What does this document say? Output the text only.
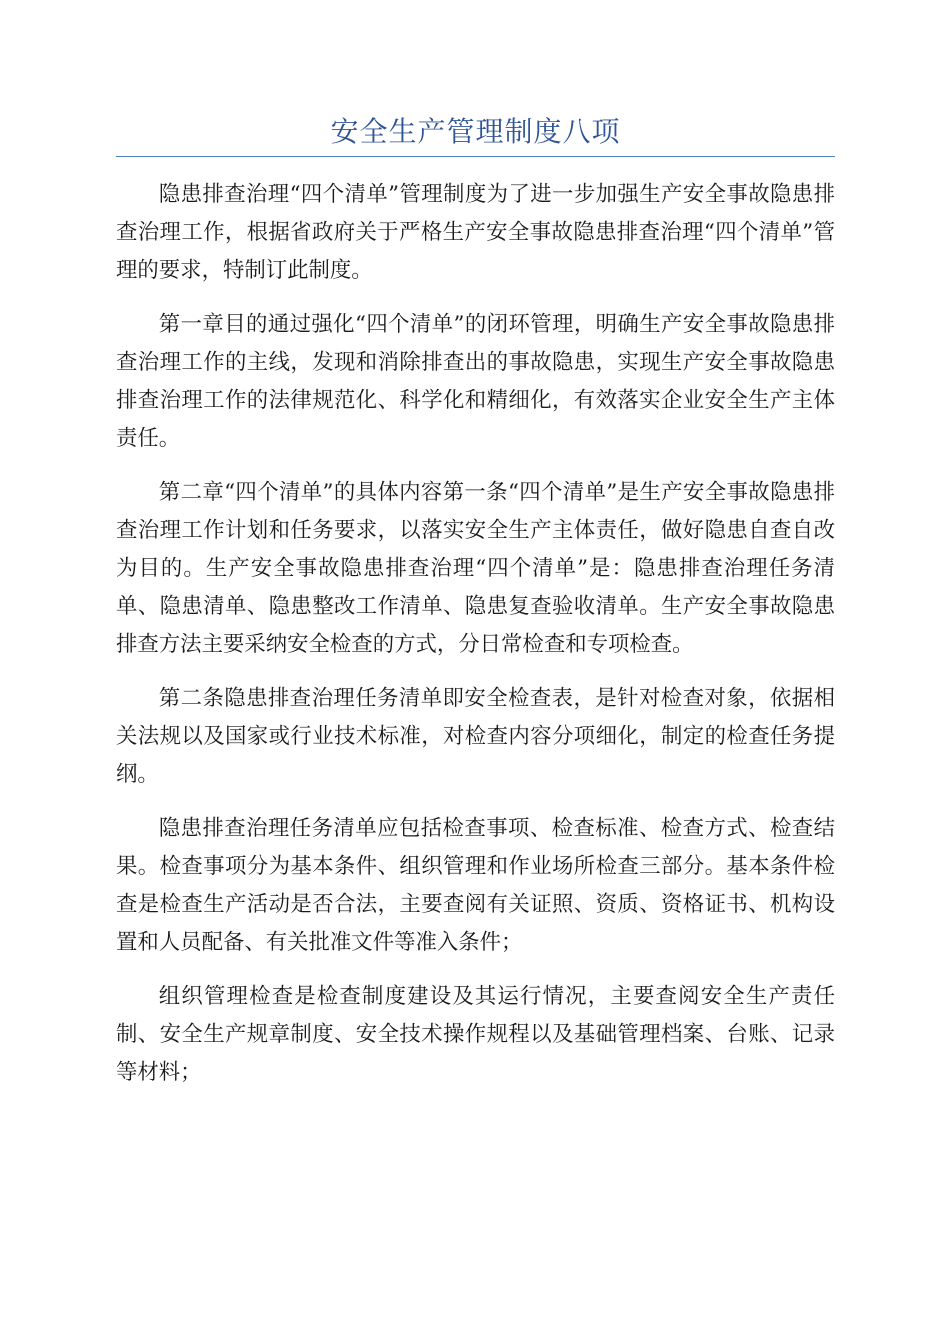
安全生产管理制度八项

隐患排查治理“四个清单”管理制度为了进一步加强生产安全事故隐患排查治理工作，根据省政府关于严格生产安全事故隐患排查治理“四个清单”管理的要求，特制订此制度。

第一章目的通过强化“四个清单”的闭环管理，明确生产安全事故隐患排查治理工作的主线，发现和消除排查出的事故隐患，实现生产安全事故隐患排查治理工作的法律规范化、科学化和精细化，有效落实企业安全生产主体责任。

第二章“四个清单”的具体内容第一条“四个清单”是生产安全事故隐患排查治理工作计划和任务要求，以落实安全生产主体责任，做好隐患自查自改为目的。生产安全事故隐患排查治理“四个清单”是：隐患排查治理任务清单、隐患清单、隐患整改工作清单、隐患复查验收清单。生产安全事故隐患排查方法主要采纳安全检查的方式，分日常检查和专项检查。

第二条隐患排查治理任务清单即安全检查表，是针对检查对象，依据相关法规以及国家或行业技术标准，对检查内容分项细化，制定的检查任务提纲。

隐患排查治理任务清单应包括检查事项、检查标准、检查方式、检查结果。检查事项分为基本条件、组织管理和作业场所检查三部分。基本条件检查是检查生产活动是否合法，主要查阅有关证照、资质、资格证书、机构设置和人员配备、有关批准文件等准入条件；

组织管理检查是检查制度建设及其运行情况，主要查阅安全生产责任制、安全生产规章制度、安全技术操作规程以及基础管理档案、台账、记录等材料；
